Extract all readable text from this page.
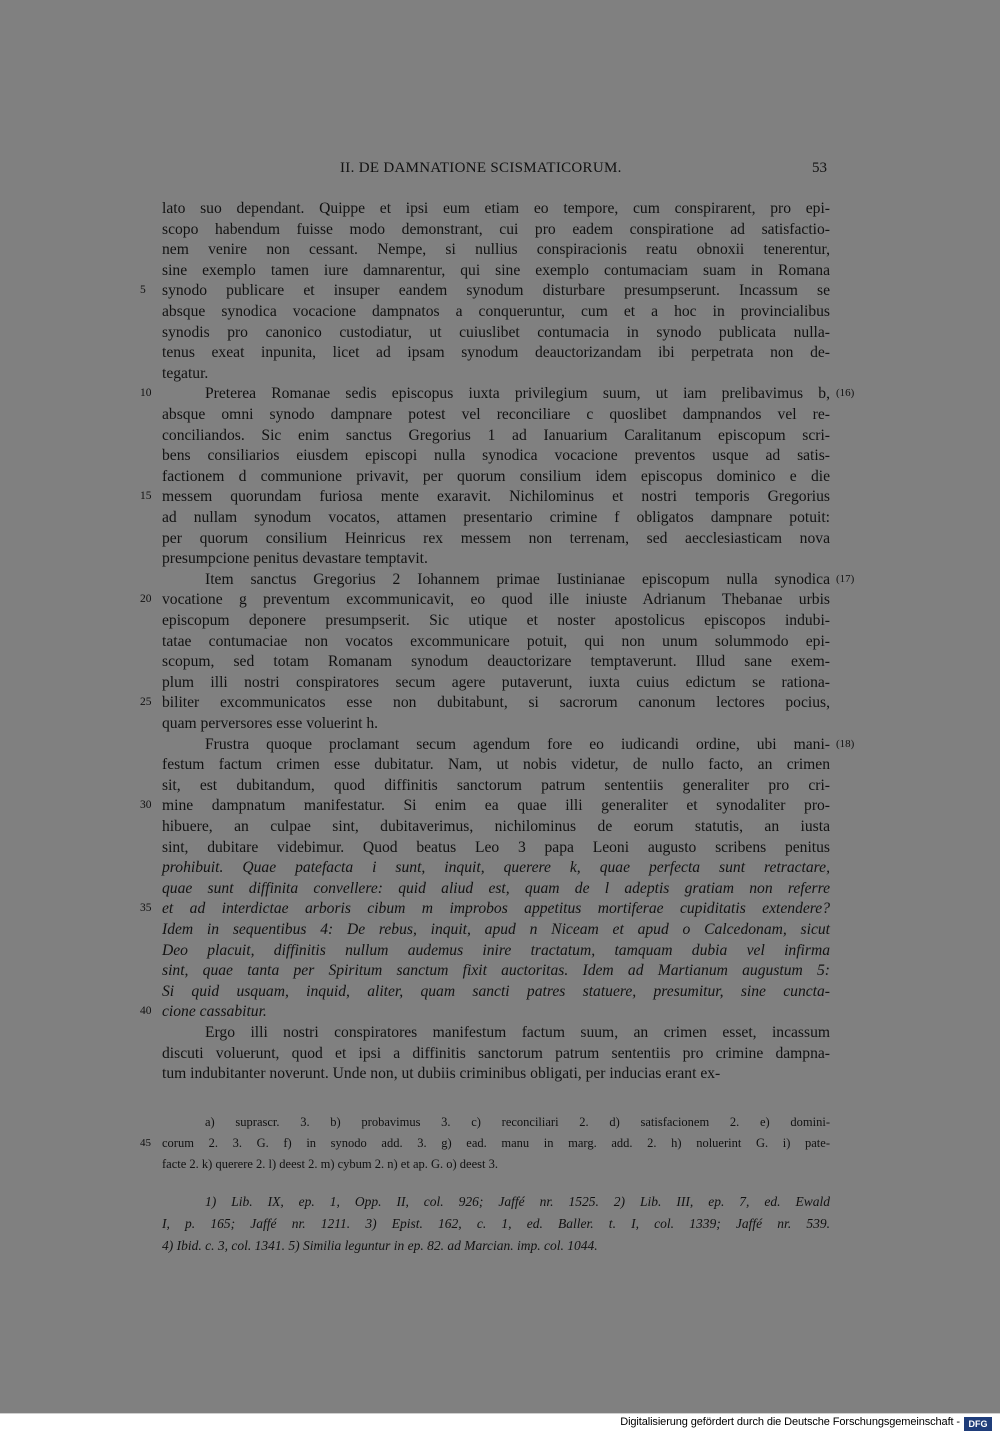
II. DE DAMNATIONE SCISMATICORUM.	53
lato suo dependant. Quippe et ipsi eum etiam eo tempore, cum conspirarent, pro epi-
scopo habendum fuisse modo demonstrant, cui pro eadem conspiratione ad satisfactio-
nem venire non cessant. Nempe, si nullius conspiracionis reatu obnoxii tenerentur,
sine exemplo tamen iure damnarentur, qui sine exemplo contumaciam suam in Romana
synodo publicare et insuper eandem synodum disturbare presumpserunt. Incassum se
absque synodica vocacione dampnatos a conqueruntur, cum et a hoc in provincialibus
synodis pro canonico custodiatur, ut cuiuslibet contumacia in synodo publicata nulla-
tenus exeat inpunita, licet ad ipsam synodum deauctorizandam ibi perpetrata non de-
tegatur.
Preterea Romanae sedis episcopus iuxta privilegium suum, ut iam prelibavimus b,
absque omni synodo dampnare potest vel reconciliare c quoslibet dampnandos vel re-
conciliandos. Sic enim sanctus Gregorius 1 ad Ianuarium Caralitanum episcopum scri-
bens consiliarios eiusdem episcopi nulla synodica vocacione preventos usque ad satis-
factionem d communione privavit, per quorum consilium idem episcopus dominico e die
messem quorundam furiosa mente exaravit. Nichilominus et nostri temporis Gregorius
ad nullam synodum vocatos, attamen presentario crimine f obligatos dampnare potuit:
per quorum consilium Heinricus rex messem non terrenam, sed aecclesiasticam nova
presumpcione penitus devastare temptavit.
Item sanctus Gregorius 2 Iohannem primae Iustinianae episcopum nulla synodica
vocatione g preventum excommunicavit, eo quod ille iniuste Adrianum Thebanae urbis
episcopum deponere presumpserit. Sic utique et noster apostolicus episcopos indubi-
tatae contumaciae non vocatos excommunicare potuit, qui non unum solummodo epi-
scopum, sed totam Romanam synodum deauctorizare temptaverunt. Illud sane exem-
plum illi nostri conspiratores secum agere putaverunt, iuxta cuius edictum se rationa-
biliter excommunicatos esse non dubitabunt, si sacrorum canonum lectores pocius,
quam perversores esse voluerint h.
Frustra quoque proclamant secum agendum fore eo iudicandi ordine, ubi mani-
festum factum crimen esse dubitatur. Nam, ut nobis videtur, de nullo facto, an crimen
sit, est dubitandum, quod diffinitis sanctorum patrum sententiis generaliter pro cri-
mine dampnatum manifestatur. Si enim ea quae illi generaliter et synodaliter pro-
hibuere, an culpae sint, dubitaverimus, nichilominus de eorum statutis, an iusta
sint, dubitare videbimur. Quod beatus Leo 3 papa Leoni augusto scribens penitus
prohibuit. Quae patefacta i sunt, inquit, querere k, quae perfecta sunt retractare,
quae sunt diffinita convellere: quid aliud est, quam de l adeptis gratiam non referre
et ad interdictae arboris cibum m improbos appetitus mortiferae cupiditatis extendere?
Idem in sequentibus 4: De rebus, inquit, apud n Niceam et apud o Calcedonam, sicut
Deo placuit, diffinitis nullum audemus inire tractatum, tamquam dubia vel infirma
sint, quae tanta per Spiritum sanctum fixit auctoritas. Idem ad Martianum augustum 5:
Si quid usquam, inquid, aliter, quam sancti patres statuere, presumitur, sine cuncta-
cione cassabitur.
Ergo illi nostri conspiratores manifestum factum suum, an crimen esset, incassum
discuti voluerunt, quod et ipsi a diffinitis sanctorum patrum sententiis pro crimine dampna-
tum indubitanter noverunt. Unde non, ut dubiis criminibus obligati, per inducias erant ex-
5
10
15
20
25
30
35
40
(16)
(17)
(18)
a) suprascr. 3. b) probavimus 3. c) reconciliari 2. d) satisfacionem 2. e) domini-
corum 2. 3. G. f) in synodo add. 3. g) ead. manu in marg. add. 2. h) noluerint G. i) pate-
facte 2. k) querere 2. l) deest 2. m) cybum 2. n) et ap. G. o) deest 3.
45
1) Lib. IX, ep. 1, Opp. II, col. 926; Jaffé nr. 1525. 2) Lib. III, ep. 7, ed. Ewald
I, p. 165; Jaffé nr. 1211. 3) Epist. 162, c. 1, ed. Baller. t. I, col. 1339; Jaffé nr. 539.
4) Ibid. c. 3, col. 1341. 5) Similia leguntur in ep. 82. ad Marcian. imp. col. 1044.
Digitalisierung gefördert durch die Deutsche Forschungsgemeinschaft - DFG
